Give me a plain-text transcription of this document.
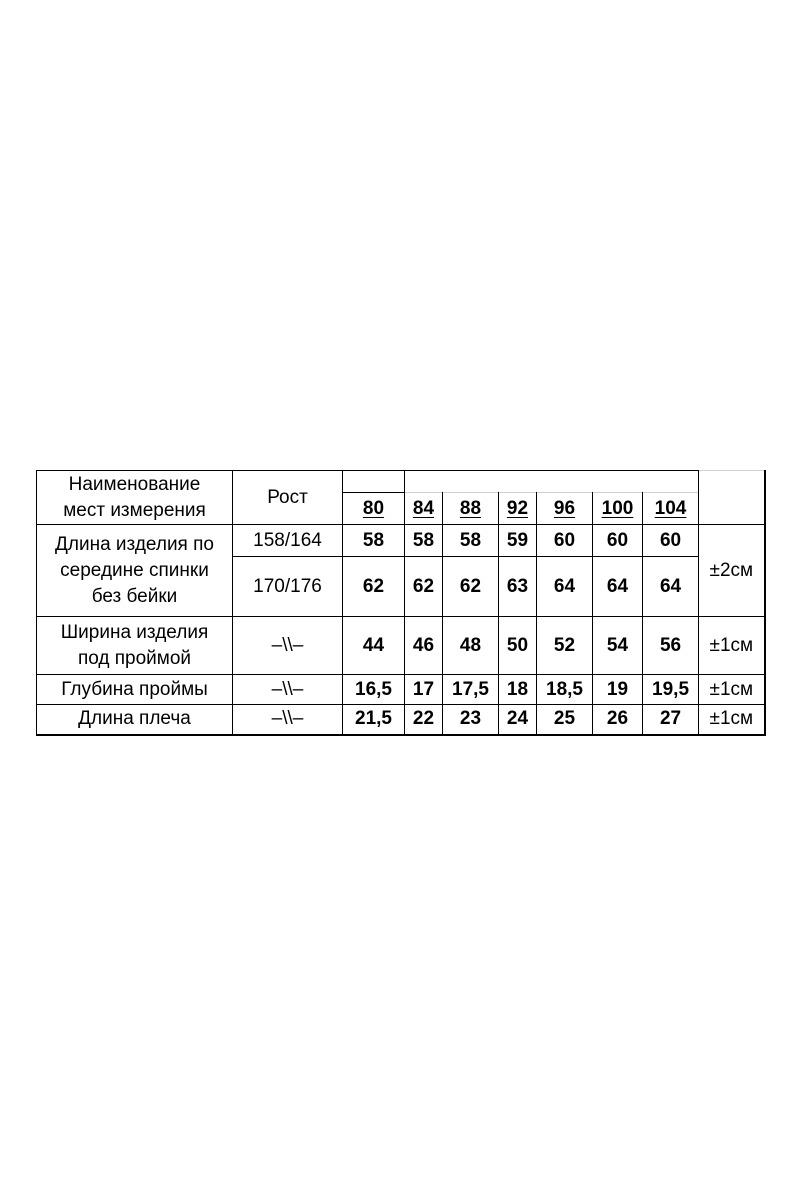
Наименование
мест измерения	Рост								
		80	84	88	92	96	100	104	

Длина изделия по
середине спинки
без бейки	158/164	58	58	58	59	60	60	60	±2см
	170/176	62	62	62	63	64	64	64	

Ширина изделия
под проймой	–\\–	44	46	48	50	52	54	56	±1см
Глубина проймы	–\\–	16,5	17	17,5	18	18,5	19	19,5	±1см
Длина плеча	–\\–	21,5	22	23	24	25	26	27	±1см
